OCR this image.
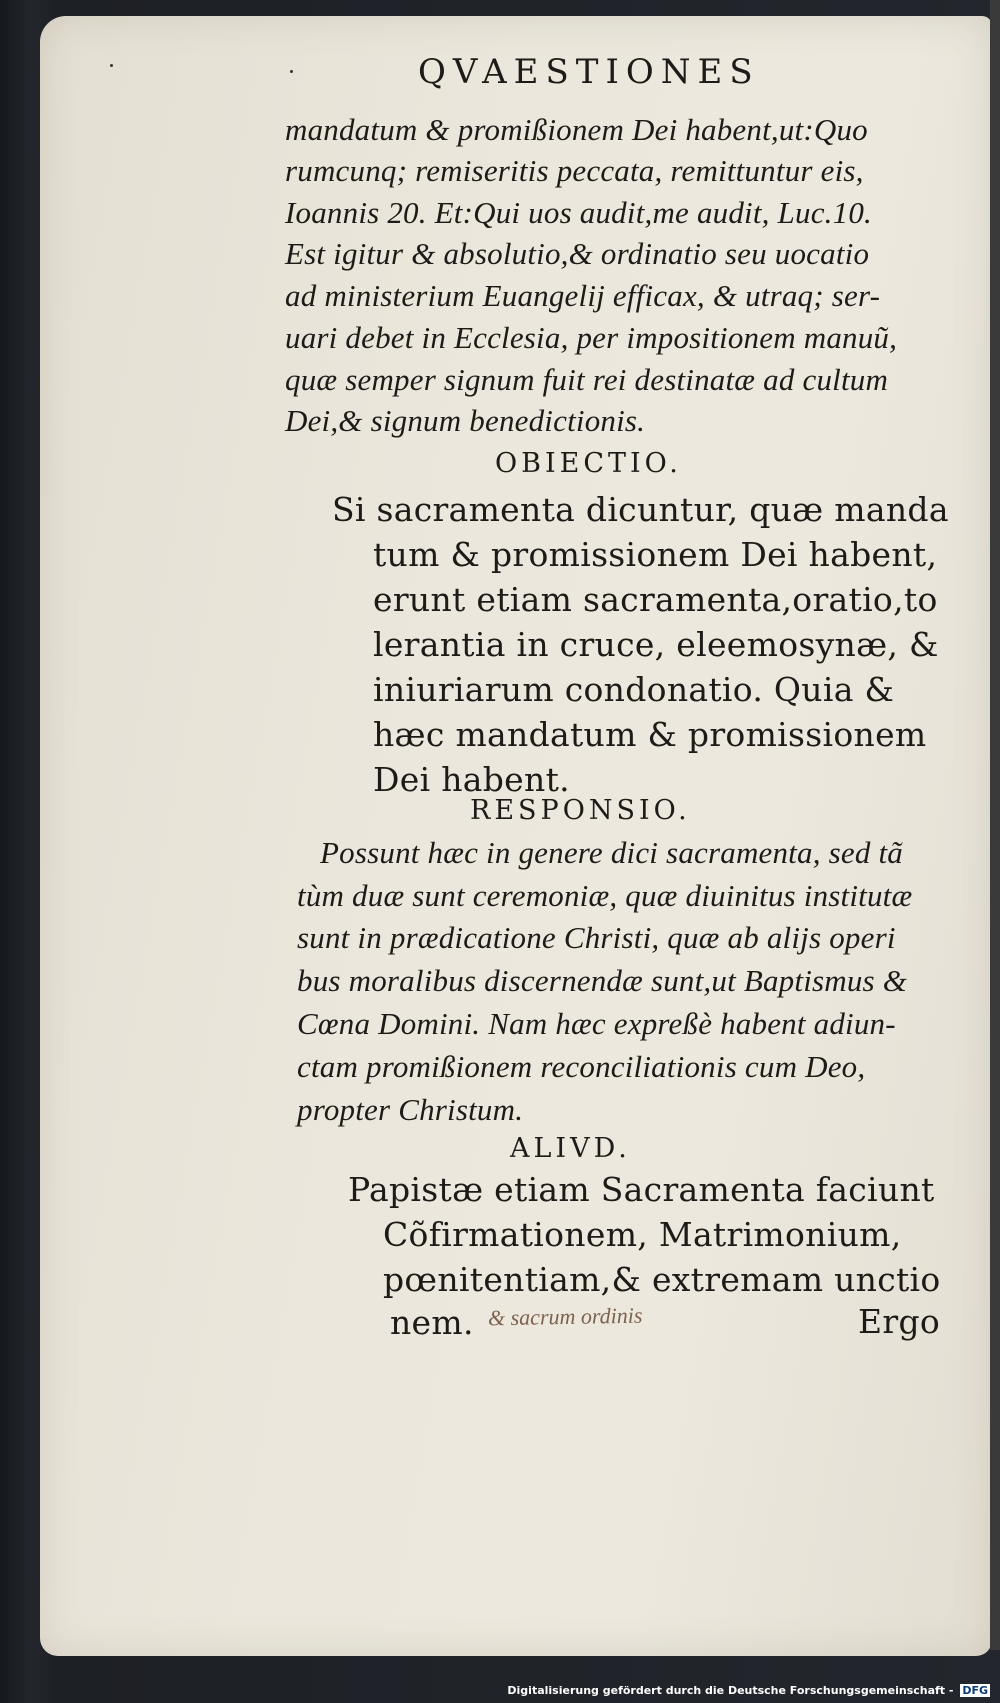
QVAESTIONES
mandatum & promißionem Dei habent,ut:Quo
rumcunq; remiseritis peccata, remittuntur eis,
Ioannis 20. Et:Qui uos audit,me audit, Luc.10.
Est igitur & absolutio,& ordinatio seu uocatio
ad ministerium Euangelij efficax, & utraq; ser-
uari debet in Ecclesia, per impositionem manuũ,
quæ semper signum fuit rei destinatæ ad cultum
Dei,& signum benedictionis.
OBIECTIO.
Si sacramenta dicuntur, quæ manda
tum & promissionem Dei habent,
erunt etiam sacramenta,oratio,to
lerantia in cruce, eleemosynæ, &
iniuriarum condonatio. Quia &
hæc mandatum & promissionem
Dei habent.
RESPONSIO.
Possunt hæc in genere dici sacramenta, sed tã
tùm duæ sunt ceremoniæ, quæ diuinitus institutæ
sunt in prædicatione Christi, quæ ab alijs operi
bus moralibus discernendæ sunt,ut Baptismus &
Cœna Domini. Nam hæc expreßè habent adiun-
ctam promißionem reconciliationis cum Deo,
propter Christum.
ALIVD.
Papistæ etiam Sacramenta faciunt
Cõfirmationem, Matrimonium,
pœnitentiam,& extremam unctio
nem. & sacrum ordinis	Ergo
Digitalisierung gefördert durch die Deutsche Forschungsgemeinschaft - DFG
